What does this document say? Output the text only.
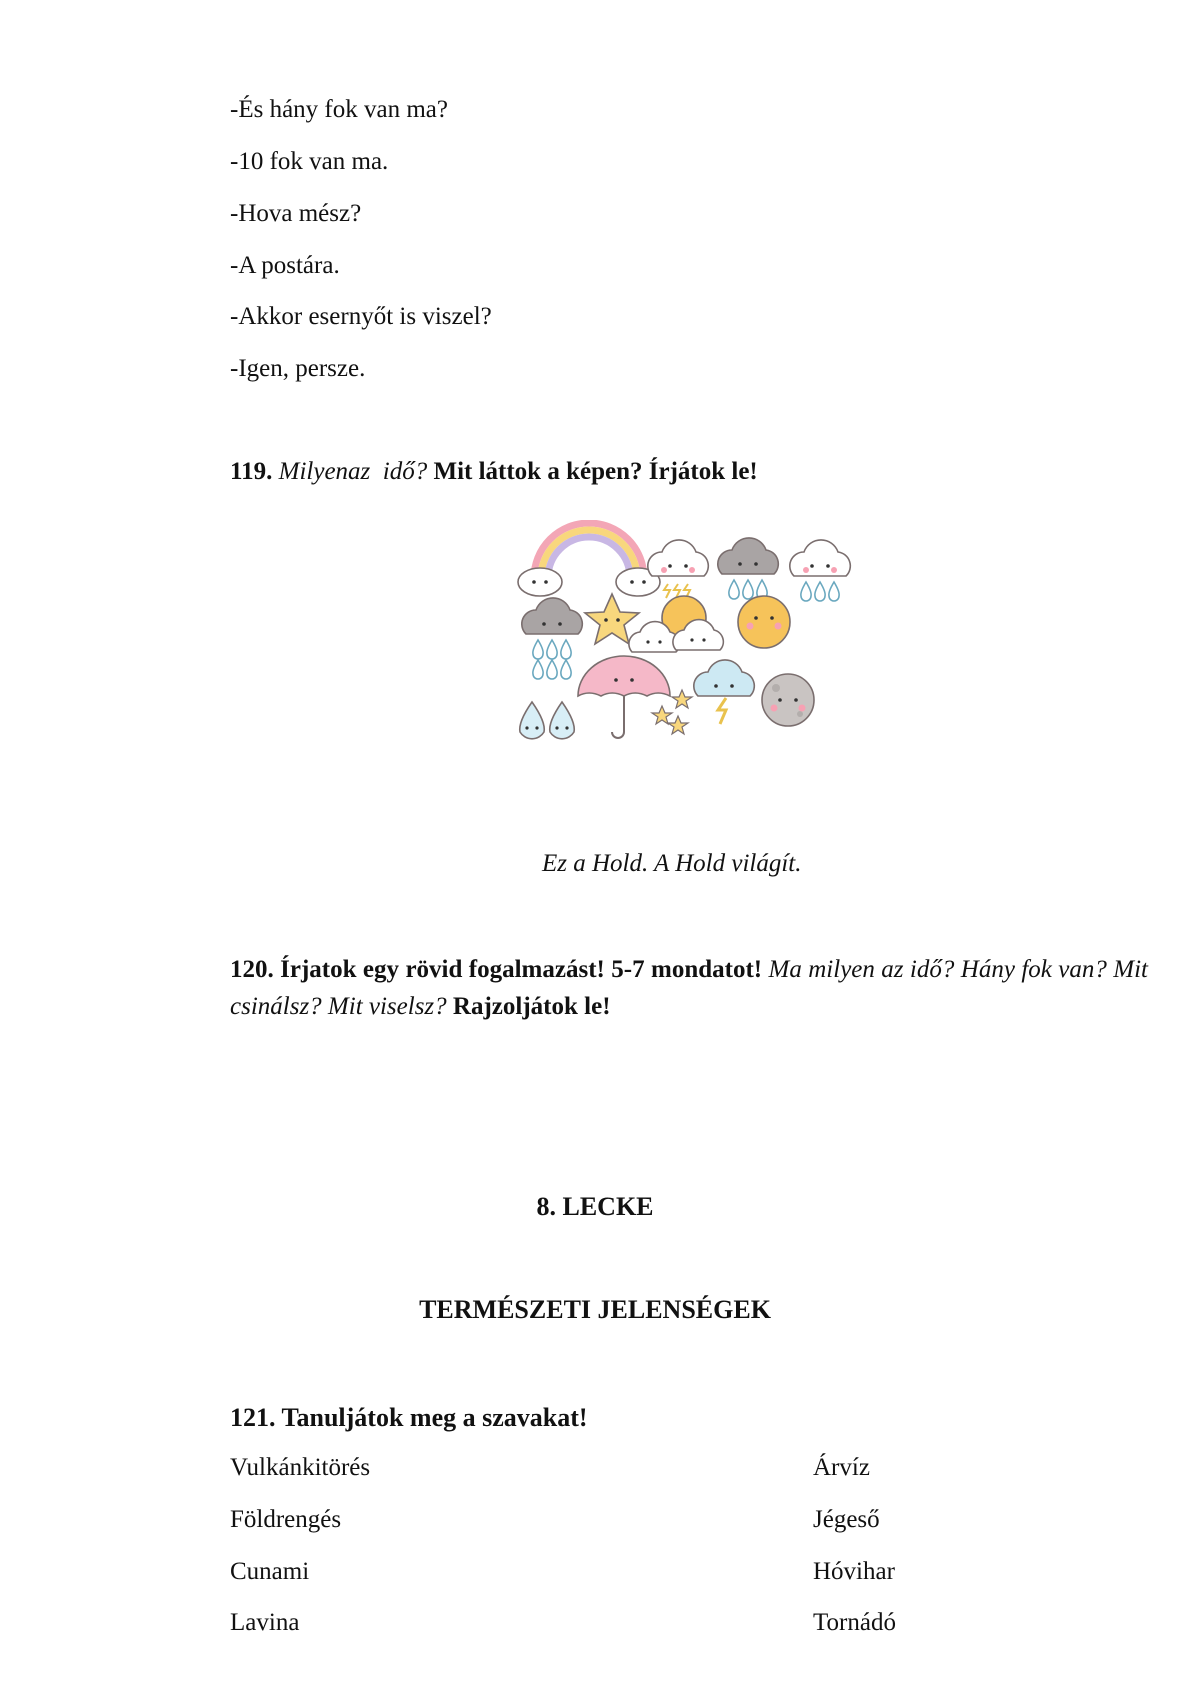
-És hány fok van ma?
-10 fok van ma.
-Hova mész?
-A postára.
-Akkor esernyőt is viszel?
-Igen, persze.
119. Milyenaz  idő? Mit láttok a képen? Írjátok le!
Ez a Hold. A Hold világít.
120. Írjatok egy rövid fogalmazást! 5-7 mondatot! Ma milyen az idő? Hány fok van? Mit csinálsz? Mit viselsz? Rajzoljátok le!
8. LECKE
TERMÉSZETI JELENSÉGEK
121. Tanuljátok meg a szavakat!
Vulkánkitörés
Földrengés
Cunami
Lavina
Árvíz
Jégeső
Hóvihar
Tornádó
